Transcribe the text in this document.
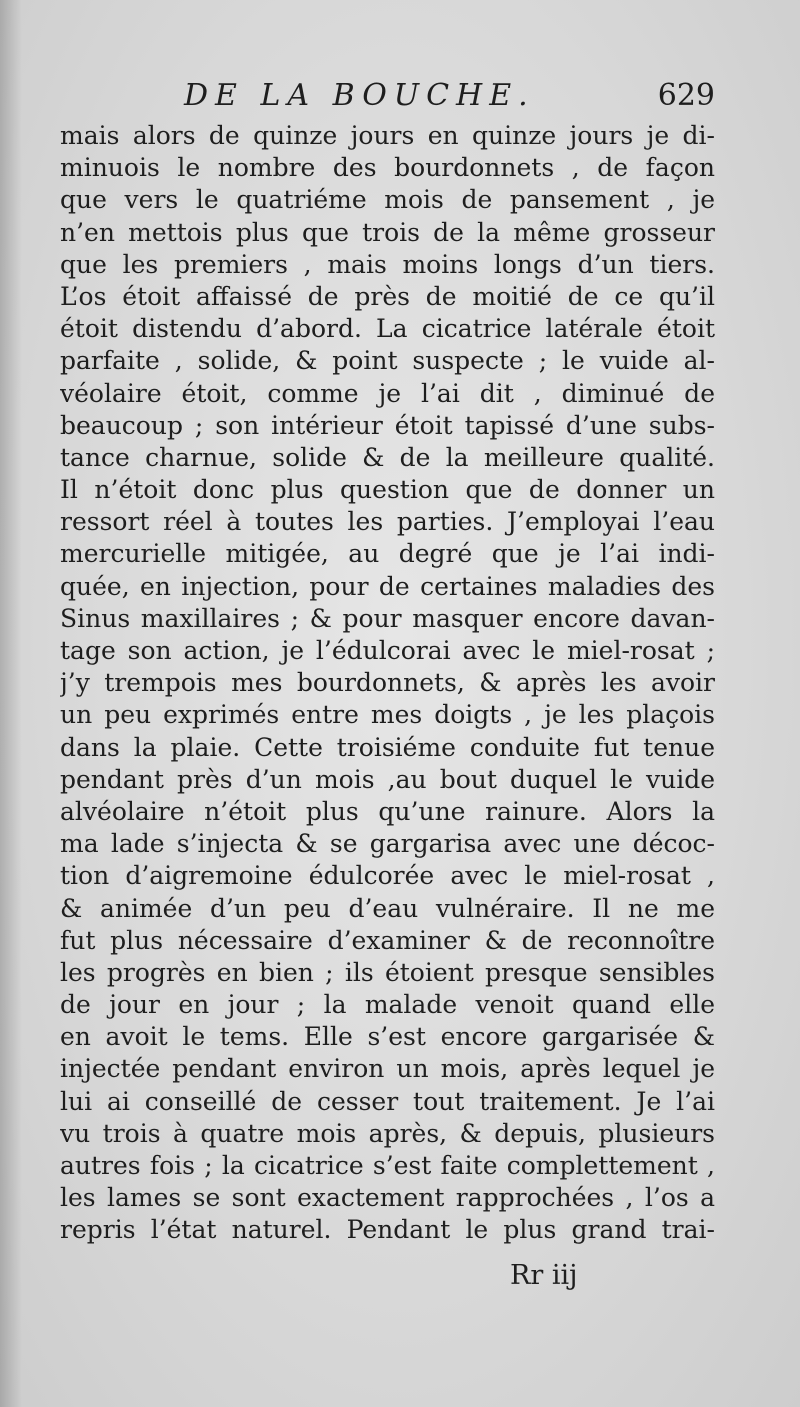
DE LA BOUCHE.	629
mais alors de quinze jours en quinze jours je di-
minuois le nombre des bourdonnets , de façon
que vers le quatriéme mois de pansement , je
n’en mettois plus que trois de la même grosseur
que les premiers , mais moins longs d’un tiers.
L’os étoit affaissé de près de moitié de ce qu’il
étoit distendu d’abord. La cicatrice latérale étoit
parfaite , solide, & point suspecte ; le vuide al-
véolaire étoit, comme je l’ai dit , diminué de
beaucoup ; son intérieur étoit tapissé d’une subs-
tance charnue, solide & de la meilleure qualité.
Il n’étoit donc plus question que de donner un
ressort réel à toutes les parties. J’employai l’eau
mercurielle mitigée, au degré que je l’ai indi-
quée, en injection, pour de certaines maladies des
Sinus maxillaires ; & pour masquer encore davan-
tage son action, je l’édulcorai avec le miel-rosat ;
j’y trempois mes bourdonnets, & après les avoir
un peu exprimés entre mes doigts , je les plaçois
dans la plaie. Cette troisiéme conduite fut tenue
pendant près d’un mois ,au bout duquel le vuide
alvéolaire n’étoit plus qu’une rainure. Alors la
ma lade s’injecta & se gargarisa avec une décoc-
tion d’aigremoine édulcorée avec le miel-rosat ,
& animée d’un peu d’eau vulnéraire. Il ne me
fut plus nécessaire d’examiner & de reconnoître
les progrès en bien ; ils étoient presque sensibles
de jour en jour ; la malade venoit quand elle
en avoit le tems. Elle s’est encore gargarisée &
injectée pendant environ un mois, après lequel je
lui ai conseillé de cesser tout traitement. Je l’ai
vu trois à quatre mois après, & depuis, plusieurs
autres fois ; la cicatrice s’est faite complettement ,
les lames se sont exactement rapprochées , l’os a
repris l’état naturel. Pendant le plus grand trai-
Rr iij
